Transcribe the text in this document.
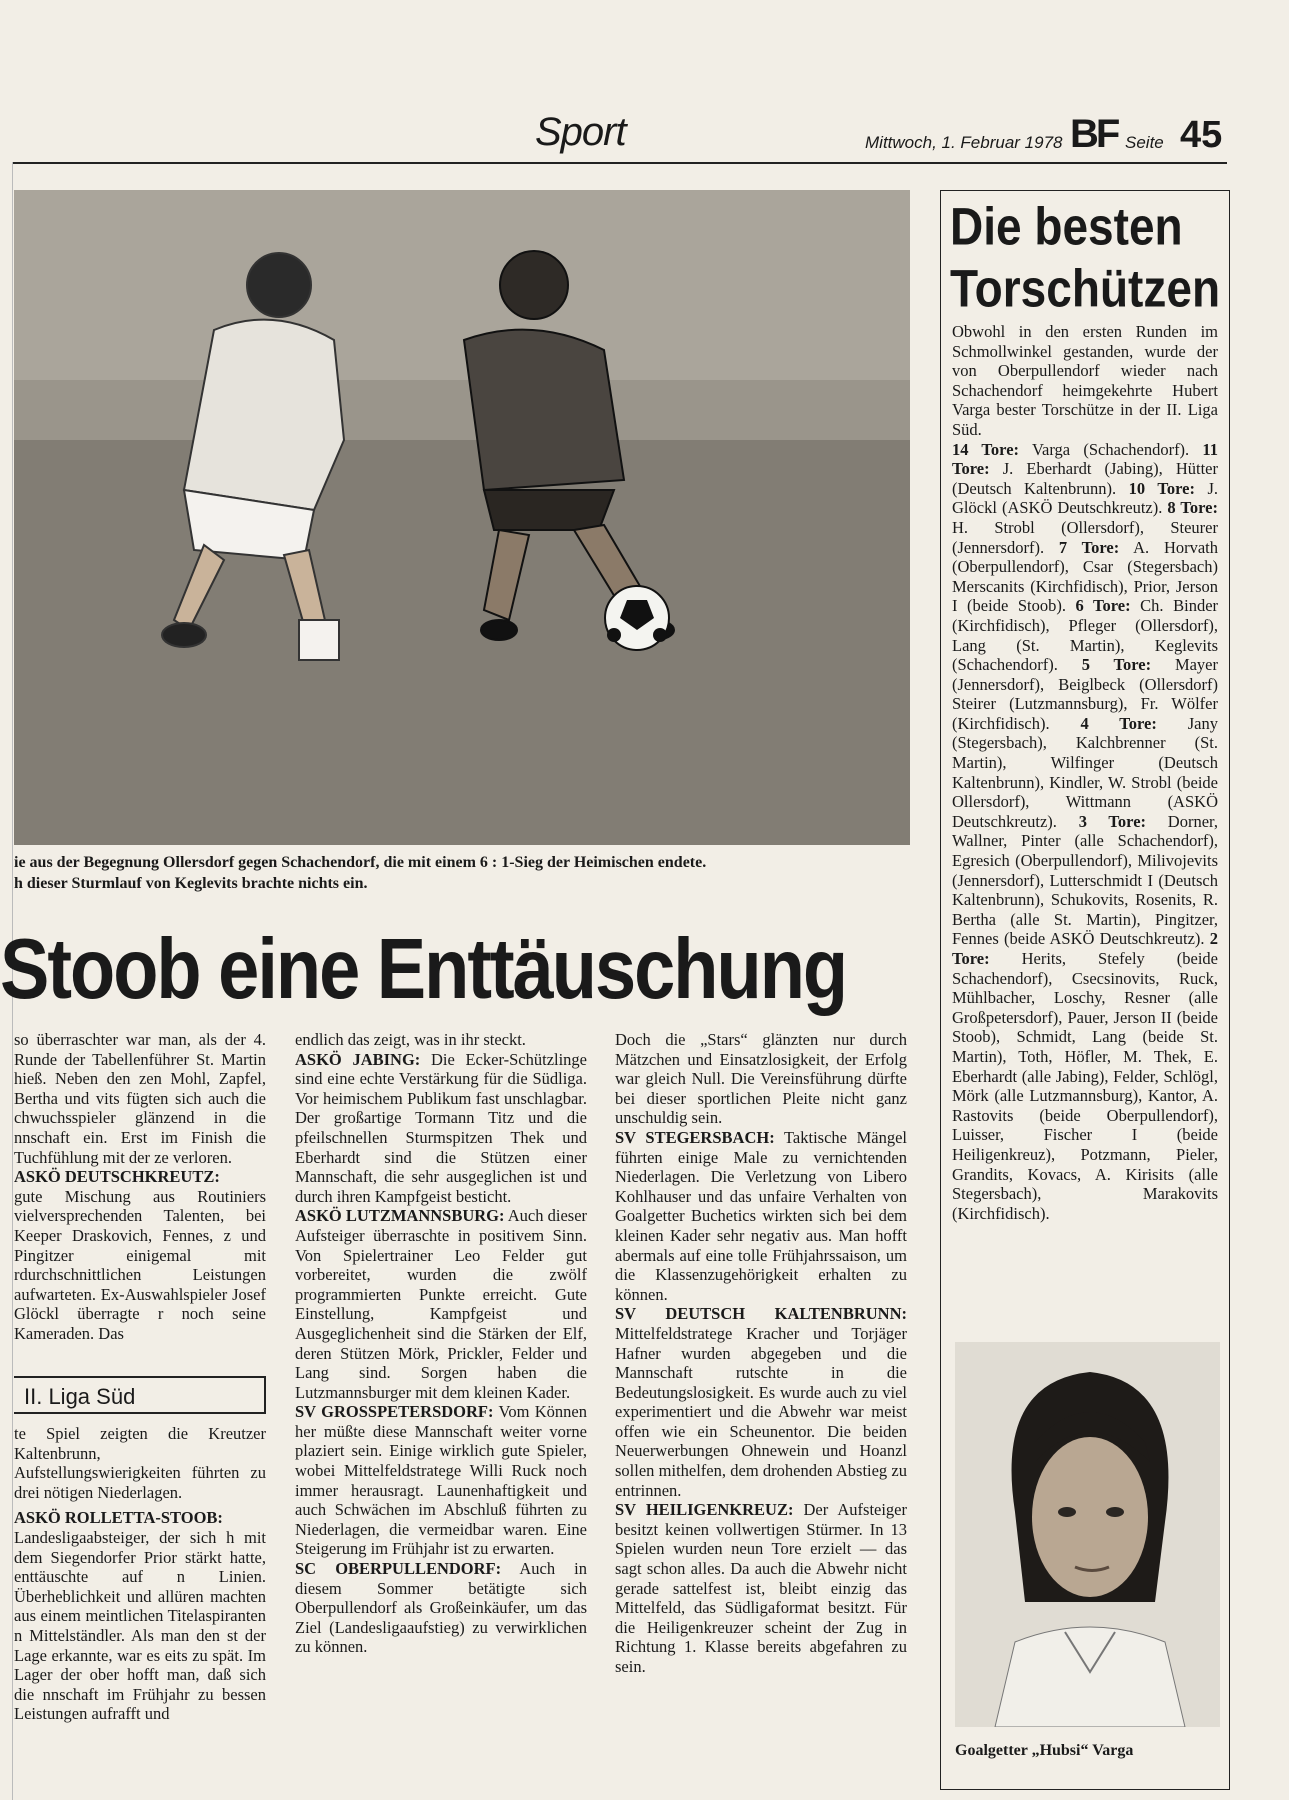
Sport	Mittwoch, 1. Februar 1978 BF Seite 45
ie aus der Begegnung Ollersdorf gegen Schachendorf, die mit einem 6 : 1-Sieg der Heimischen endete.
h dieser Sturmlauf von Keglevits brachte nichts ein.
Stoob eine Enttäuschung

so überraschter war man, als der 4. Runde der Tabellenführer St. Martin hieß. Neben den zen Mohl, Zapfel, Bertha und vits fügten sich auch die chwuchsspieler glänzend in die nnschaft ein. Erst im Finish die Tuchfühlung mit der ze verloren.

ASKÖ DEUTSCHKREUTZ:

gute Mischung aus Routiniers vielversprechenden Talenten, bei Keeper Draskovich, Fennes, z und Pingitzer einigemal mit rdurchschnittlichen Leistungen aufwarteten. Ex-Auswahlspieler Josef Glöckl überragte r noch seine Kameraden. Das

II. Liga Süd

te Spiel zeigten die Kreutzer Kaltenbrunn, Aufstellungswierigkeiten führten zu drei nötigen Niederlagen.

ASKÖ ROLLETTA-STOOB:

Landesligaabsteiger, der sich h mit dem Siegendorfer Prior stärkt hatte, enttäuschte auf n Linien. Überheblichkeit und allüren machten aus einem meintlichen Titelaspiranten n Mittelständler. Als man den st der Lage erkannte, war es eits zu spät. Im Lager der ober hofft man, daß sich die nnschaft im Frühjahr zu bessen Leistungen aufrafft und

endlich das zeigt, was in ihr steckt.

ASKÖ JABING: Die Ecker-Schützlinge sind eine echte Verstärkung für die Südliga. Vor heimischem Publikum fast unschlagbar. Der großartige Tormann Titz und die pfeilschnellen Sturmspitzen Thek und Eberhardt sind die Stützen einer Mannschaft, die sehr ausgeglichen ist und durch ihren Kampfgeist besticht.

ASKÖ LUTZMANNSBURG: Auch dieser Aufsteiger überraschte in positivem Sinn. Von Spielertrainer Leo Felder gut vorbereitet, wurden die zwölf programmierten Punkte erreicht. Gute Einstellung, Kampfgeist und Ausgeglichenheit sind die Stärken der Elf, deren Stützen Mörk, Prickler, Felder und Lang sind. Sorgen haben die Lutzmannsburger mit dem kleinen Kader.

SV GROSSPETERSDORF: Vom Können her müßte diese Mannschaft weiter vorne plaziert sein. Einige wirklich gute Spieler, wobei Mittelfeldstratege Willi Ruck noch immer herausragt. Launenhaftigkeit und auch Schwächen im Abschluß führten zu Niederlagen, die vermeidbar waren. Eine Steigerung im Frühjahr ist zu erwarten.

SC OBERPULLENDORF: Auch in diesem Sommer betätigte sich Oberpullendorf als Großeinkäufer, um das Ziel (Landesligaaufstieg) zu verwirklichen zu können.

Doch die „Stars“ glänzten nur durch Mätzchen und Einsatzlosigkeit, der Erfolg war gleich Null. Die Vereinsführung dürfte bei dieser sportlichen Pleite nicht ganz unschuldig sein.

SV STEGERSBACH: Taktische Mängel führten einige Male zu vernichtenden Niederlagen. Die Verletzung von Libero Kohlhauser und das unfaire Verhalten von Goalgetter Buchetics wirkten sich bei dem kleinen Kader sehr negativ aus. Man hofft abermals auf eine tolle Frühjahrssaison, um die Klassenzugehörigkeit erhalten zu können.

SV DEUTSCH KALTENBRUNN: Mittelfeldstratege Kracher und Torjäger Hafner wurden abgegeben und die Mannschaft rutschte in die Bedeutungslosigkeit. Es wurde auch zu viel experimentiert und die Abwehr war meist offen wie ein Scheunentor. Die beiden Neuerwerbungen Ohnewein und Hoanzl sollen mithelfen, dem drohenden Abstieg zu entrinnen.

SV HEILIGENKREUZ: Der Aufsteiger besitzt keinen vollwertigen Stürmer. In 13 Spielen wurden neun Tore erzielt — das sagt schon alles. Da auch die Abwehr nicht gerade sattelfest ist, bleibt einzig das Mittelfeld, das Südligaformat besitzt. Für die Heiligenkreuzer scheint der Zug in Richtung 1. Klasse bereits abgefahren zu sein.

Die besten Torschützen

Obwohl in den ersten Runden im Schmollwinkel gestanden, wurde der von Oberpullendorf wieder nach Schachendorf heimgekehrte Hubert Varga bester Torschütze in der II. Liga Süd.

14 Tore: Varga (Schachendorf). 11 Tore: J. Eberhardt (Jabing), Hütter (Deutsch Kaltenbrunn). 10 Tore: J. Glöckl (ASKÖ Deutschkreutz). 8 Tore: H. Strobl (Ollersdorf), Steurer (Jennersdorf). 7 Tore: A. Horvath (Oberpullendorf), Csar (Stegersbach) Merscanits (Kirchfidisch), Prior, Jerson I (beide Stoob). 6 Tore: Ch. Binder (Kirchfidisch), Pfleger (Ollersdorf), Lang (St. Martin), Keglevits (Schachendorf). 5 Tore: Mayer (Jennersdorf), Beiglbeck (Ollersdorf) Steirer (Lutzmannsburg), Fr. Wölfer (Kirchfidisch). 4 Tore: Jany (Stegersbach), Kalchbrenner (St. Martin), Wilfinger (Deutsch Kaltenbrunn), Kindler, W. Strobl (beide Ollersdorf), Wittmann (ASKÖ Deutschkreutz). 3 Tore: Dorner, Wallner, Pinter (alle Schachendorf), Egresich (Oberpullendorf), Milivojevits (Jennersdorf), Lutterschmidt I (Deutsch Kaltenbrunn), Schukovits, Rosenits, R. Bertha (alle St. Martin), Pingitzer, Fennes (beide ASKÖ Deutschkreutz). 2 Tore: Herits, Stefely (beide Schachendorf), Csecsinovits, Ruck, Mühlbacher, Loschy, Resner (alle Großpetersdorf), Pauer, Jerson II (beide Stoob), Schmidt, Lang (beide St. Martin), Toth, Höfler, M. Thek, E. Eberhardt (alle Jabing), Felder, Schlögl, Mörk (alle Lutzmannsburg), Kantor, A. Rastovits (beide Oberpullendorf), Luisser, Fischer I (beide Heiligenkreuz), Potzmann, Pieler, Grandits, Kovacs, A. Kirisits (alle Stegersbach), Marakovits (Kirchfidisch).

Goalgetter „Hubsi“ Varga
